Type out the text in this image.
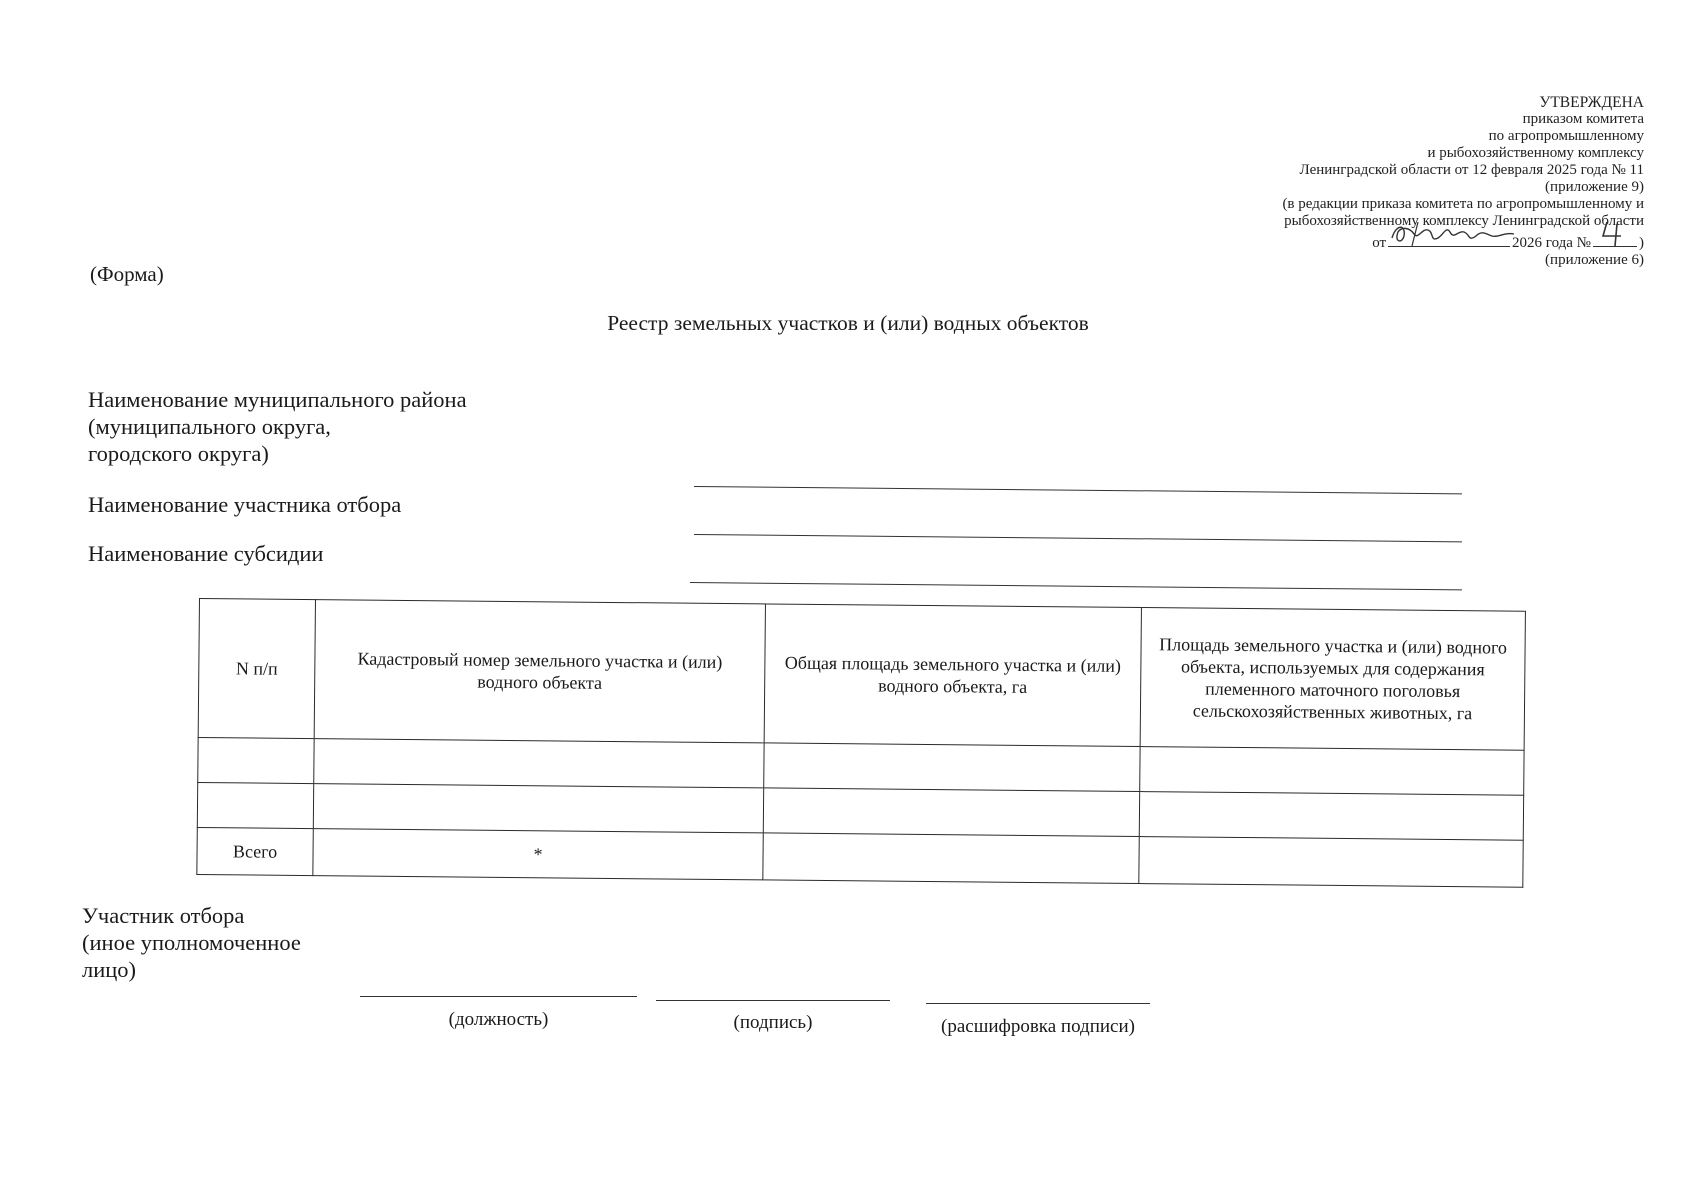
УТВЕРЖДЕНА
приказом комитета
по агропромышленному
и рыбохозяйственному комплексу
Ленинградской области от 12 февраля 2025 года № 11
(приложение 9)
(в редакции приказа комитета по агропромышленному и
рыбохозяйственному комплексу Ленинградской области
от	2026 года №	)
(приложение 6)
(Форма)
Реестр земельных участков и (или) водных объектов
Наименование муниципального района
(муниципального округа,
городского округа)
Наименование участника отбора
Наименование субсидии
N п/п	Кадастровый номер земельного участка и (или) водного объекта	Общая площадь земельного участка и (или) водного объекта, га	Площадь земельного участка и (или) водного объекта, используемых для содержания племенного маточного поголовья сельскохозяйственных животных, га

Всего	*		
Участник отбора
(иное уполномоченное
лицо)
(должность)	(подпись)	(расшифровка подписи)
